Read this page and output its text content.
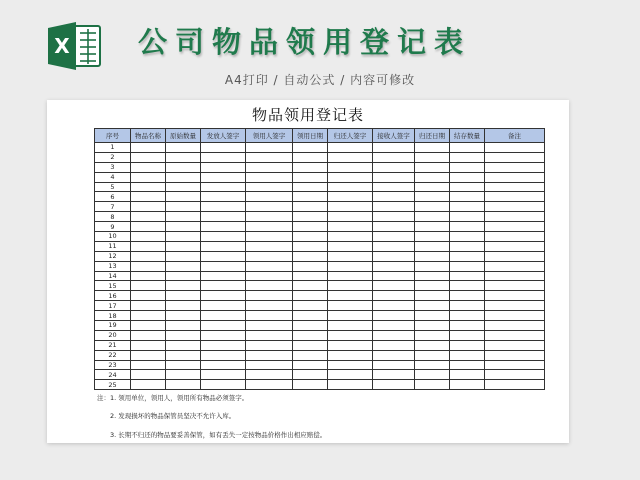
X 公司物品领用登记表
A4打印 / 自动公式 / 内容可修改
物品领用登记表
序号	物品名称	原始数量	发放人签字	领用人签字	领用日期	归还人签字	接收人签字	归还日期	结存数量	备注
1										
2										
3										
4										
5										
6										
7										
8										
9										
10										
11										
12										
13										
14										
15										
16										
17										
18										
19										
20										
21										
22										
23										
24										
25										
注：1. 领用单位，领用人，领用所有物品必须签字。
2. 发现损坏的物品保管员坚决不允许入库。
3. 长期不归还的物品要妥善保管，如有丢失一定按物品价格作出相应赔偿。
